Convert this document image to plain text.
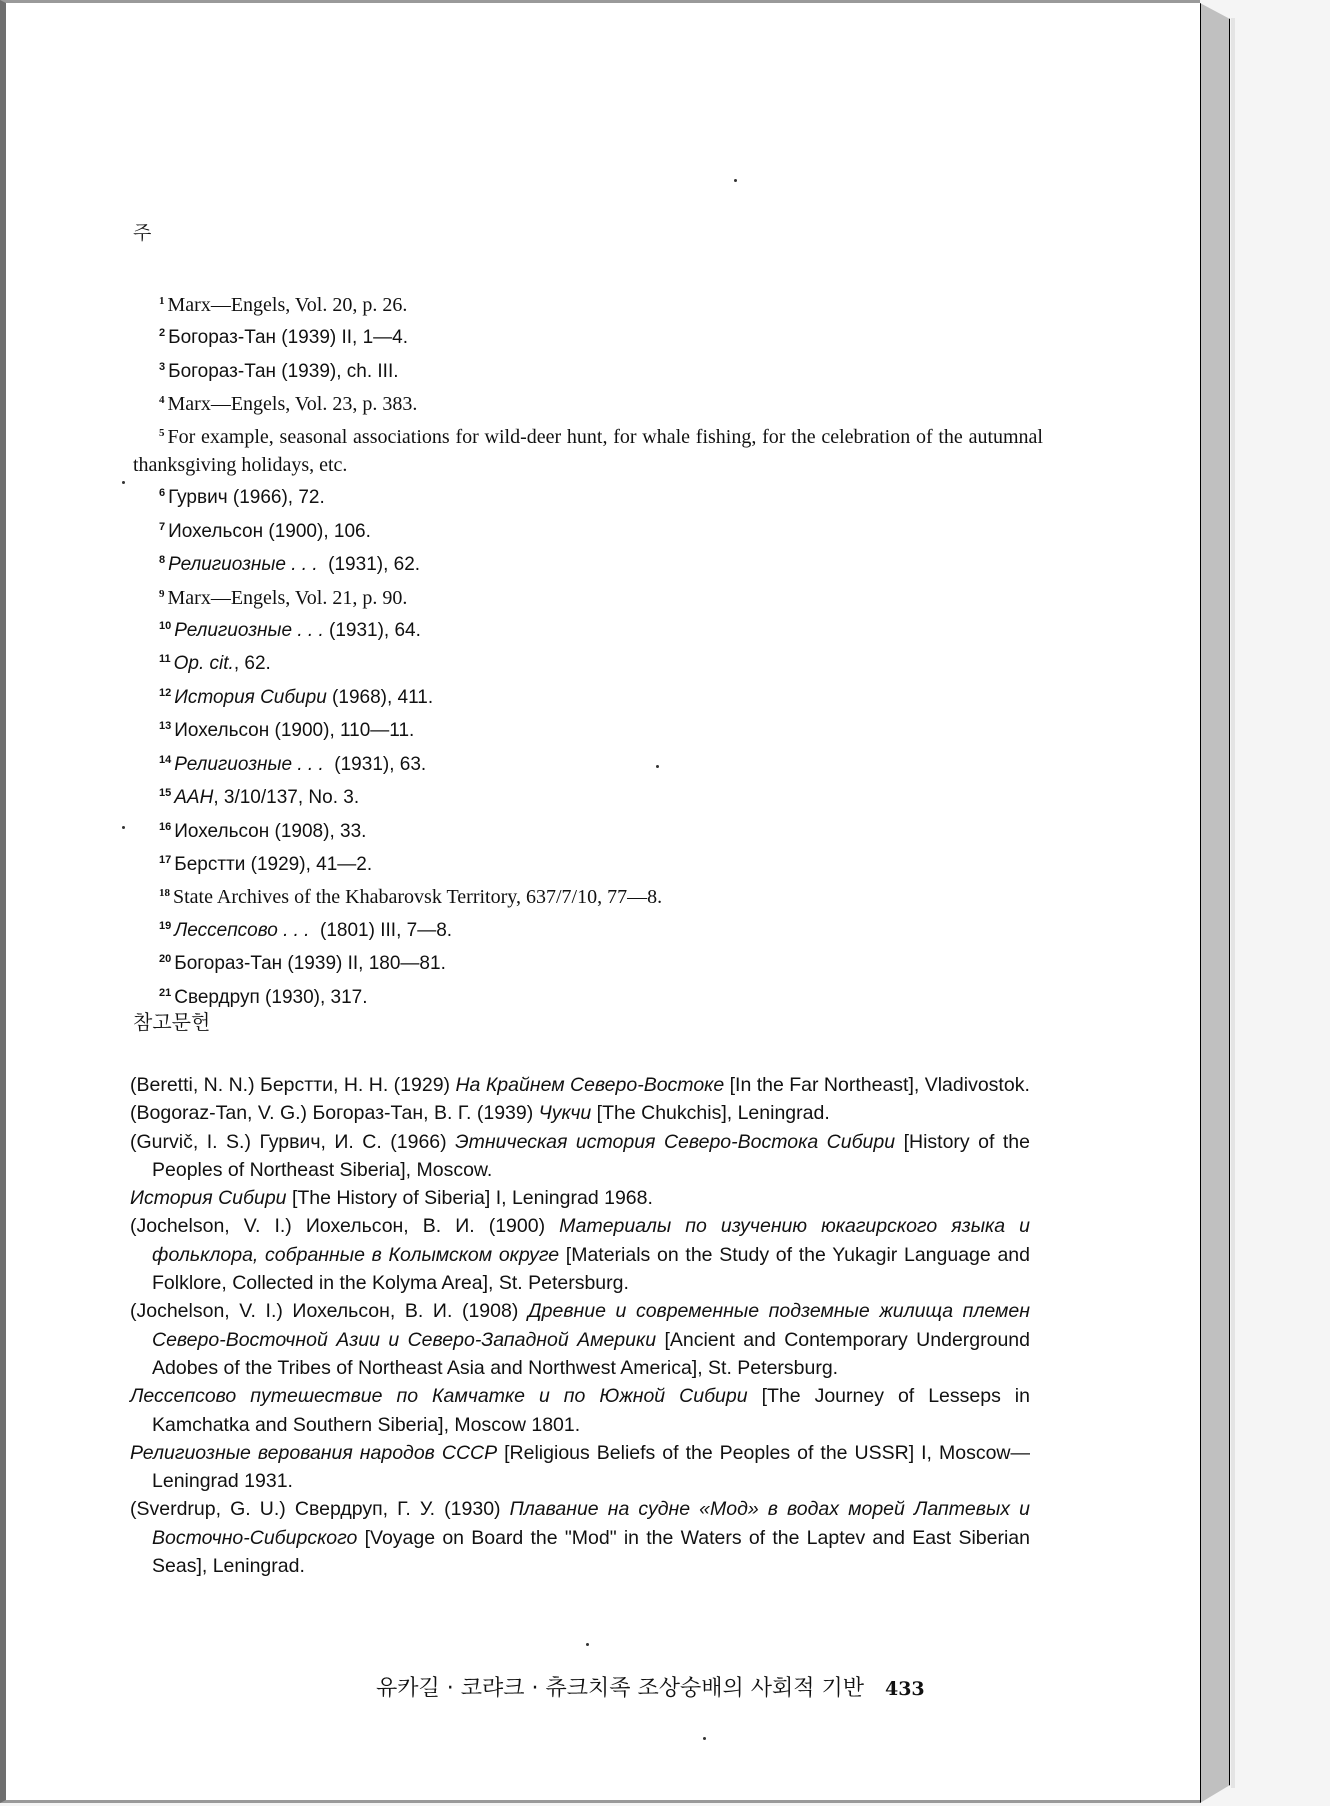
주
$^1$ Marx—Engels, Vol. 20, p. 26.
$^2$ Богораз-Тан (1939) II, 1—4.
$^3$ Богораз-Тан (1939), ch. III.
$^4$ Marx—Engels, Vol. 23, p. 383.
$^5$ For example, seasonal associations for wild-deer hunt, for whale fishing, for the celebration of the autumnal thanksgiving holidays, etc.
$^6$ Гурвич (1966), 72.
$^7$ Иохельсон (1900), 106.
$^8$ Религиозные . . .  (1931), 62.
$^9$ Marx—Engels, Vol. 21, p. 90.
$^{10}$ Религиозные . . . (1931), 64.
$^{11}$ Op. cit., 62.
$^{12}$ История Сибири (1968), 411.
$^{13}$ Иохельсон (1900), 110—11.
$^{14}$ Религиозные . . .  (1931), 63.
$^{15}$ AAH, 3/10/137, No. 3.
$^{16}$ Иохельсон (1908), 33.
$^{17}$ Берстти (1929), 41—2.
$^{18}$ State Archives of the Khabarovsk Territory, 637/7/10, 77—8.
$^{19}$ Лессепсово . . .  (1801) III, 7—8.
$^{20}$ Богораз-Тан (1939) II, 180—81.
$^{21}$ Свердруп (1930), 317.
참고문헌
(Beretti, N. N.) Берстти, Н. Н. (1929) На Крайнем Северо-Востоке [In the Far Northeast], Vladivostok.
(Bogoraz-Tan, V. G.) Богораз-Тан, В. Г. (1939) Чукчи [The Chukchis], Leningrad.
(Gurvič, I. S.) Гурвич, И. С. (1966) Этническая история Северо-Востока Сибири [History of the Peoples of Northeast Siberia], Moscow.
История Сибири [The History of Siberia] I, Leningrad 1968.
(Jochelson, V. I.) Иохельсон, В. И. (1900) Материалы по изучению юкагирского языка и фольклора, собранные в Колымском округе [Materials on the Study of the Yukagir Language and Folklore, Collected in the Kolyma Area], St. Petersburg.
(Jochelson, V. I.) Иохельсон, В. И. (1908) Древние и современные подземные жилища племен Северо-Восточной Азии и Северо-Западной Америки [Ancient and Contemporary Underground Adobes of the Tribes of Northeast Asia and Northwest America], St. Petersburg.
Лессепсово путешествие по Камчатке и по Южной Сибири [The Journey of Lesseps in Kamchatka and Southern Siberia], Moscow 1801.
Религиозные верования народов СССР [Religious Beliefs of the Peoples of the USSR] I, Moscow—Leningrad 1931.
(Sverdrup, G. U.) Свердруп, Г. У. (1930) Плавание на судне «Мод» в водах морей Лаптевых и Восточно-Сибирского [Voyage on Board the "Mod" in the Waters of the Laptev and East Siberian Seas], Leningrad.
유카길 · 코랴크 · 츄크치족 조상숭배의 사회적 기반 433
